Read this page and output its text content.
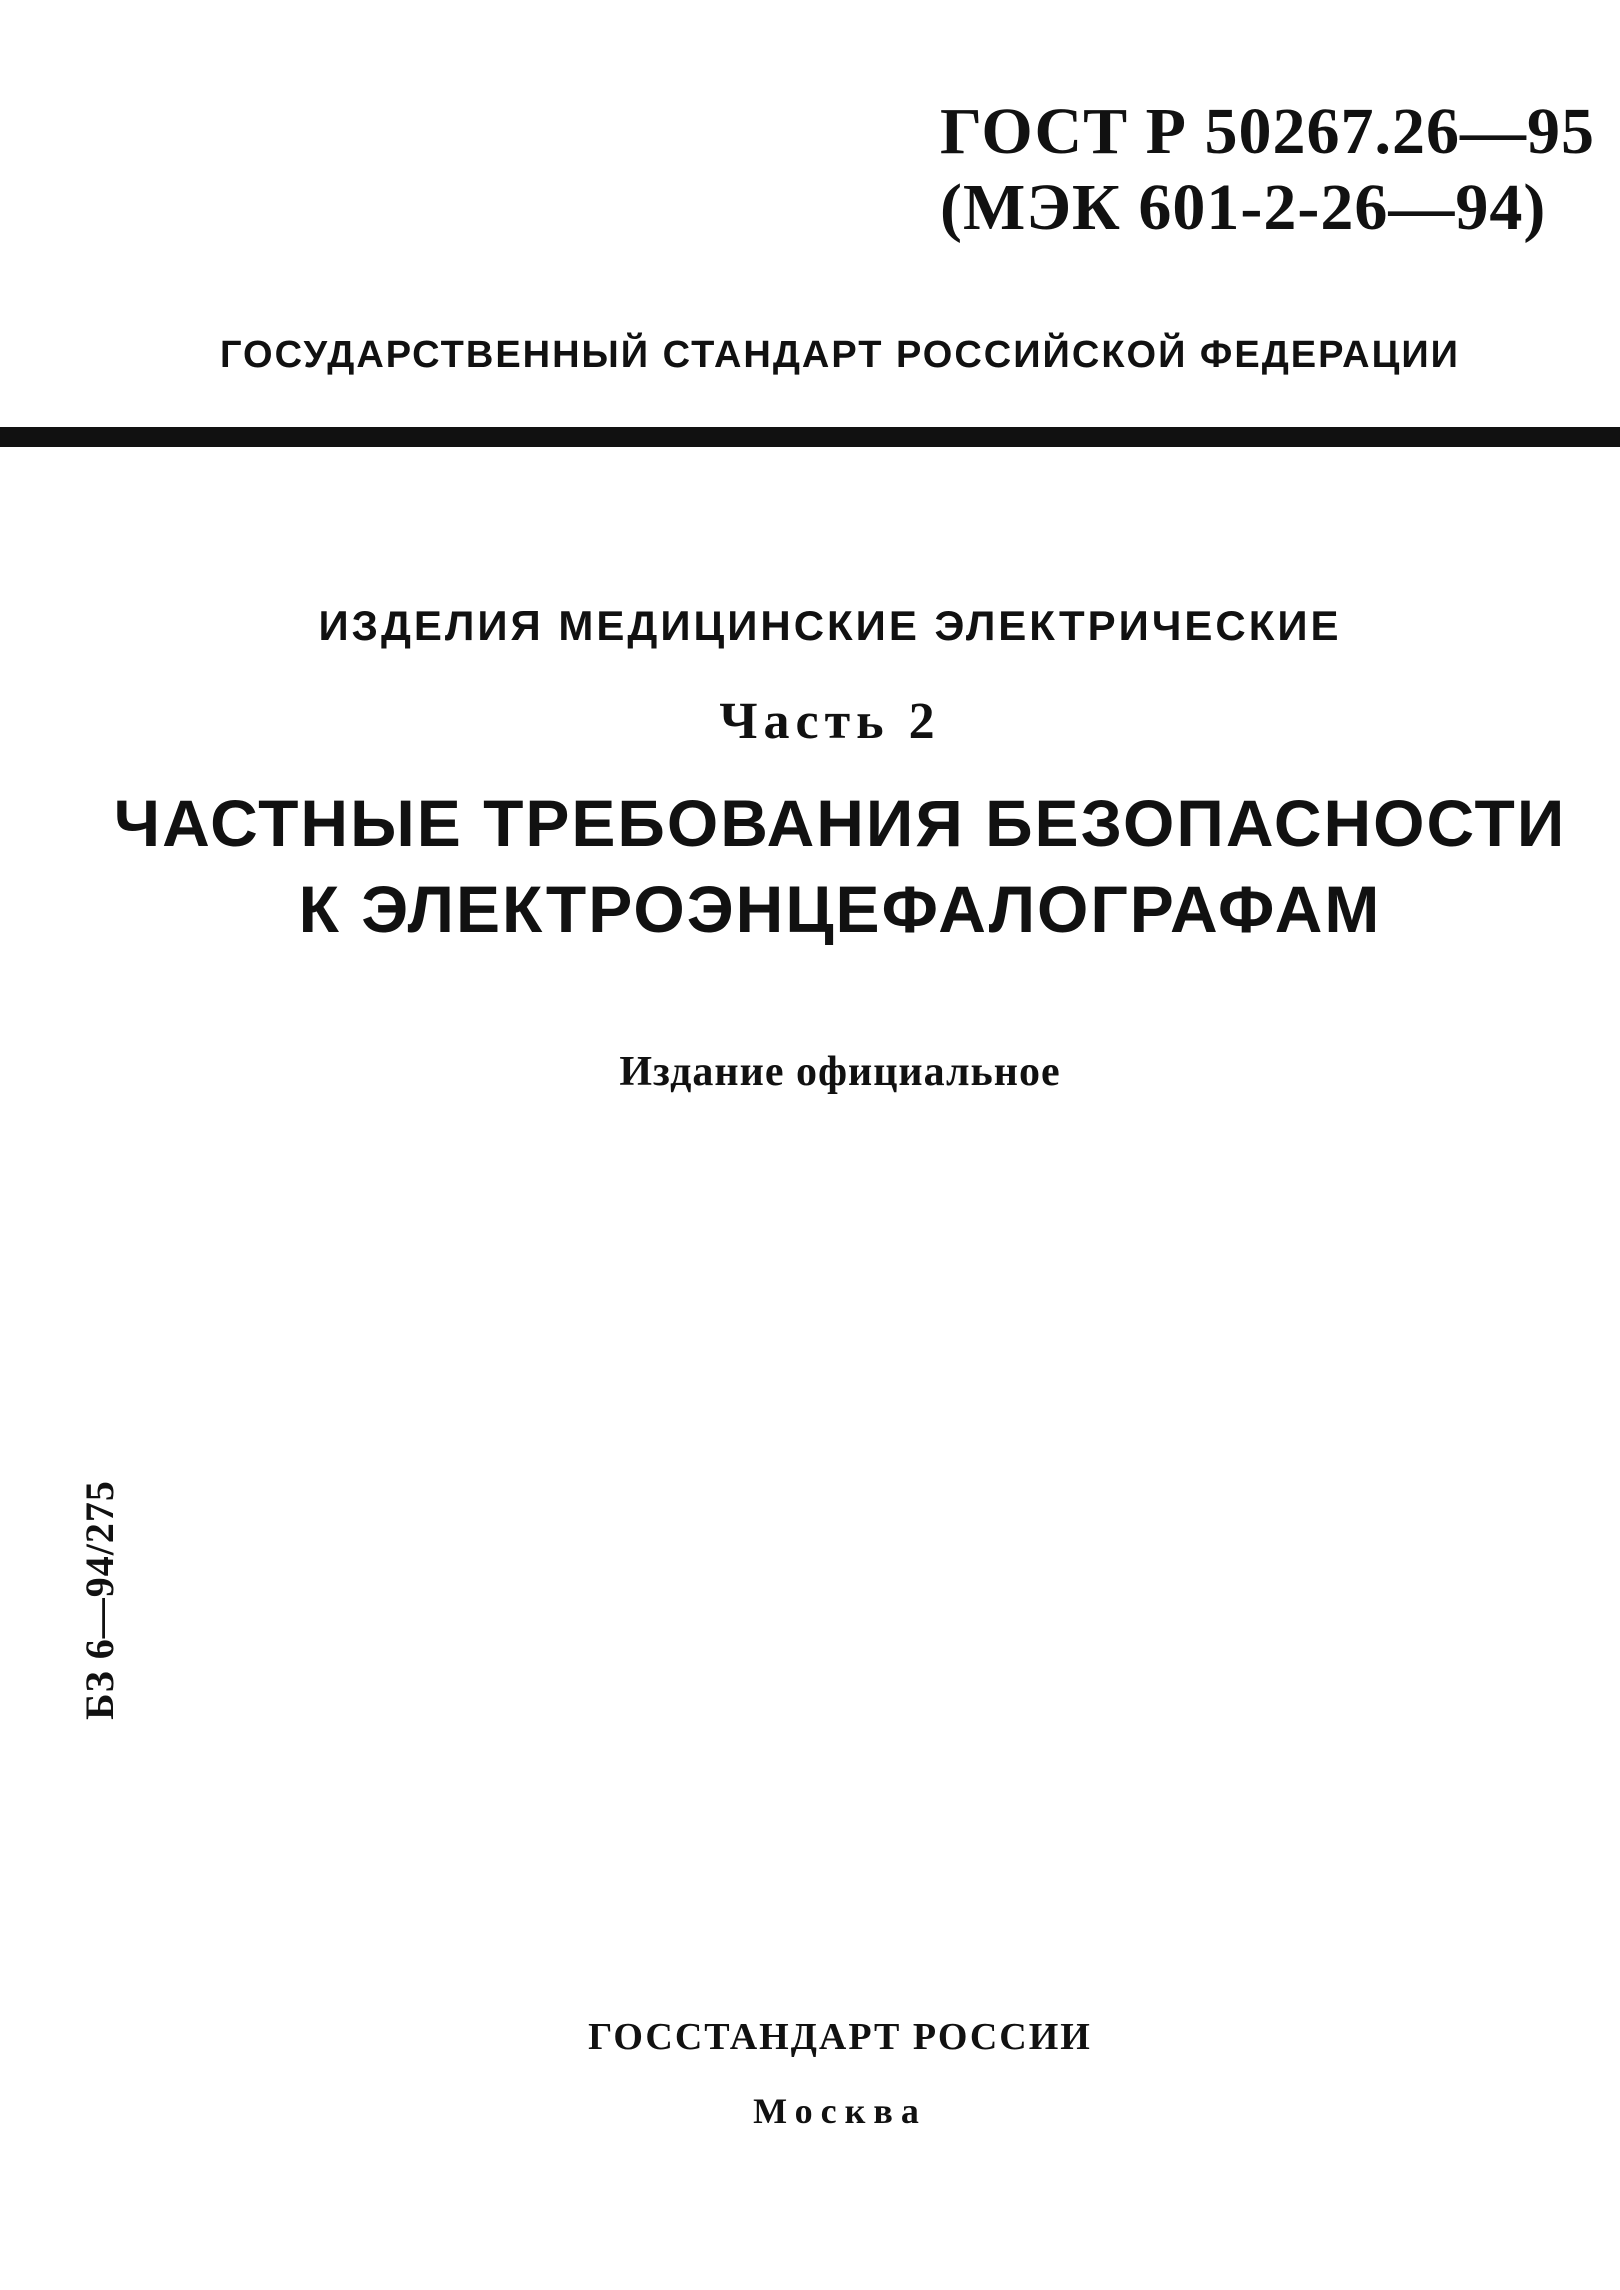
ГОСТ Р 50267.26—95
(МЭК 601-2-26—94)
ГОСУДАРСТВЕННЫЙ СТАНДАРТ РОССИЙСКОЙ ФЕДЕРАЦИИ
ИЗДЕЛИЯ МЕДИЦИНСКИЕ ЭЛЕКТРИЧЕСКИЕ
Часть 2
ЧАСТНЫЕ ТРЕБОВАНИЯ БЕЗОПАСНОСТИ
К ЭЛЕКТРОЭНЦЕФАЛОГРАФАМ
Издание официальное
БЗ 6—94/275
ГОССТАНДАРТ РОССИИ
Москва
